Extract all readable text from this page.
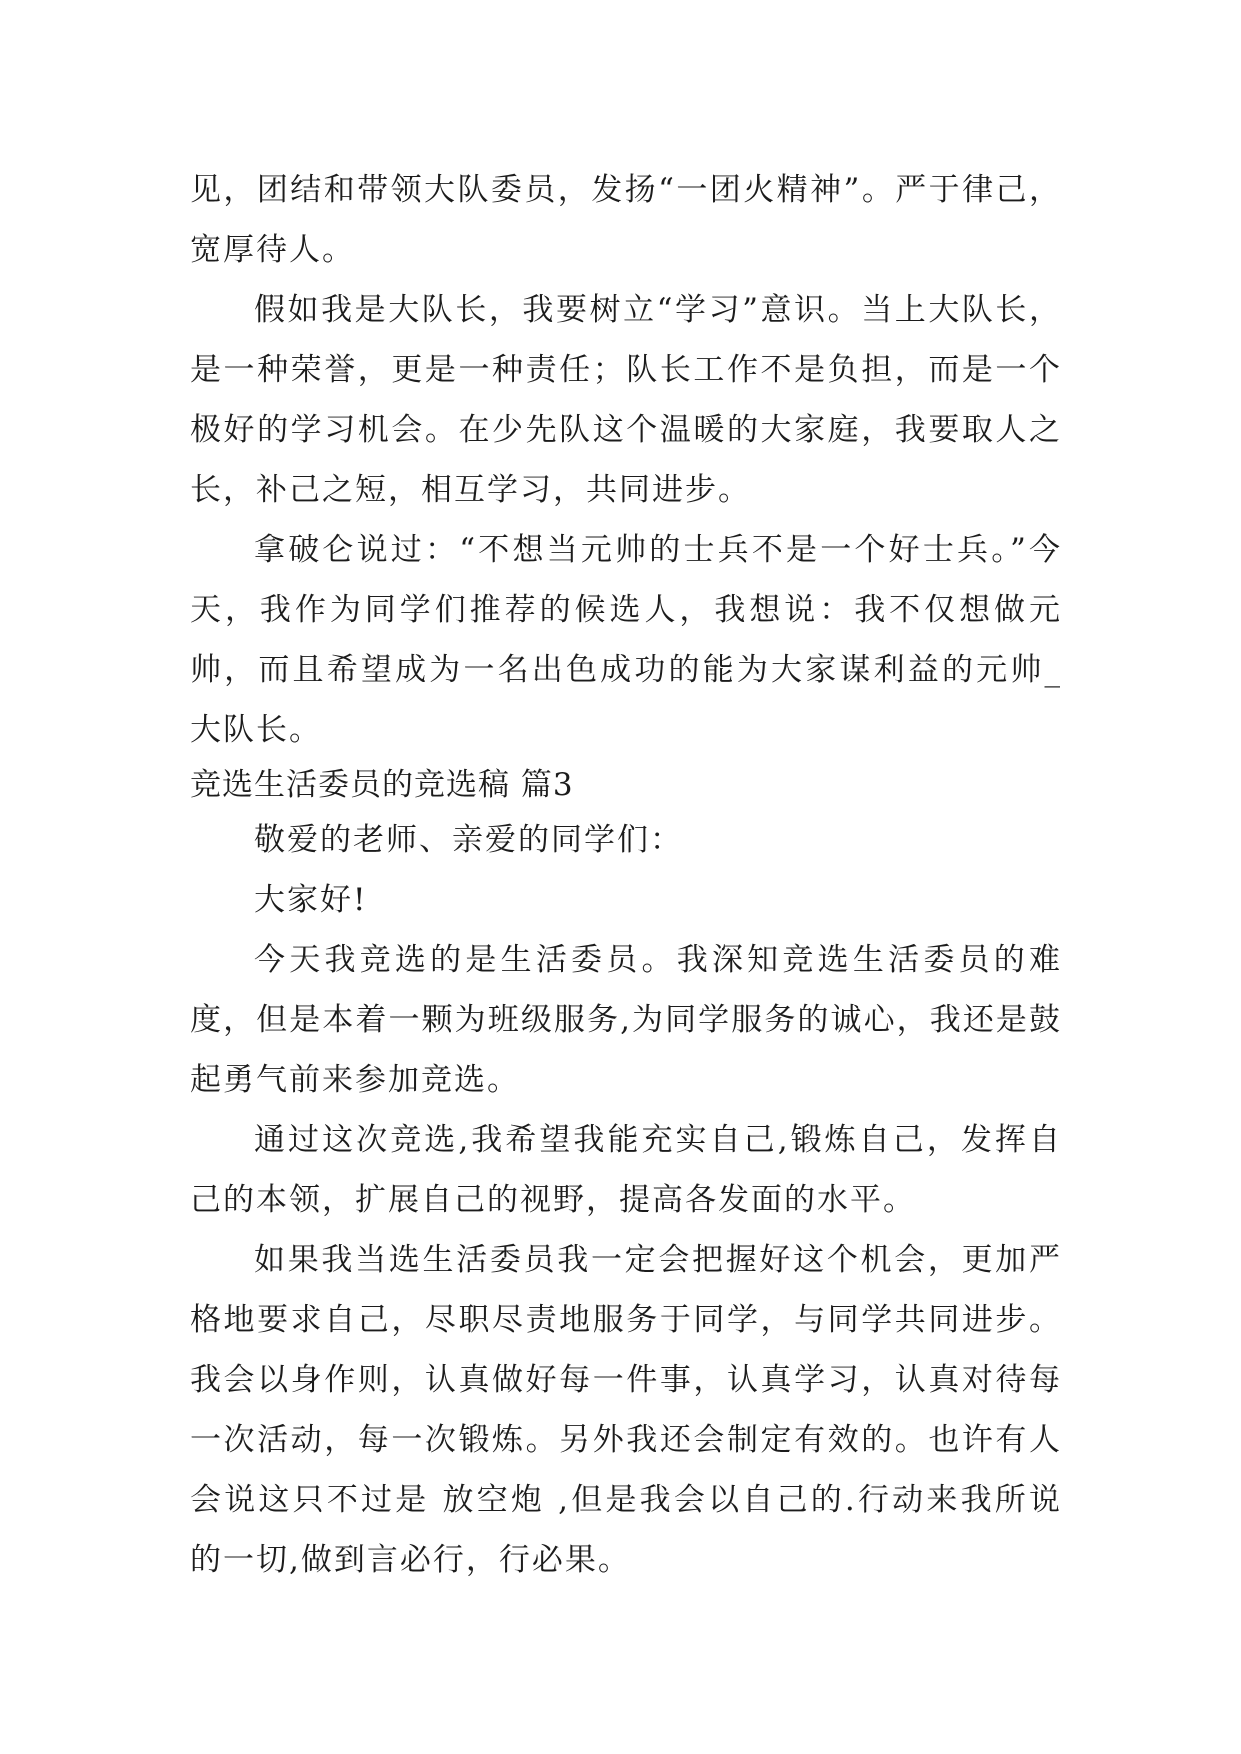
见，团结和带领大队委员，发扬“一团火精神”。严于律己，宽厚待人。

假如我是大队长，我要树立“学习”意识。当上大队长，是一种荣誉，更是一种责任；队长工作不是负担，而是一个极好的学习机会。在少先队这个温暖的大家庭，我要取人之长，补己之短，相互学习，共同进步。

拿破仑说过：“不想当元帅的士兵不是一个好士兵。”今天，我作为同学们推荐的候选人，我想说：我不仅想做元帅，而且希望成为一名出色成功的能为大家谋利益的元帅_大队长。

竞选生活委员的竞选稿 篇3

敬爱的老师、亲爱的同学们：

大家好!

今天我竞选的是生活委员。我深知竞选生活委员的难度，但是本着一颗为班级服务,为同学服务的诚心，我还是鼓起勇气前来参加竞选。

通过这次竞选,我希望我能充实自己,锻炼自己，发挥自己的本领，扩展自己的视野，提高各发面的水平。

如果我当选生活委员我一定会把握好这个机会，更加严格地要求自己，尽职尽责地服务于同学，与同学共同进步。我会以身作则，认真做好每一件事，认真学习，认真对待每一次活动，每一次锻炼。另外我还会制定有效的。也许有人会说这只不过是 放空炮 ,但是我会以自己的.行动来我所说的一切,做到言必行，行必果。
